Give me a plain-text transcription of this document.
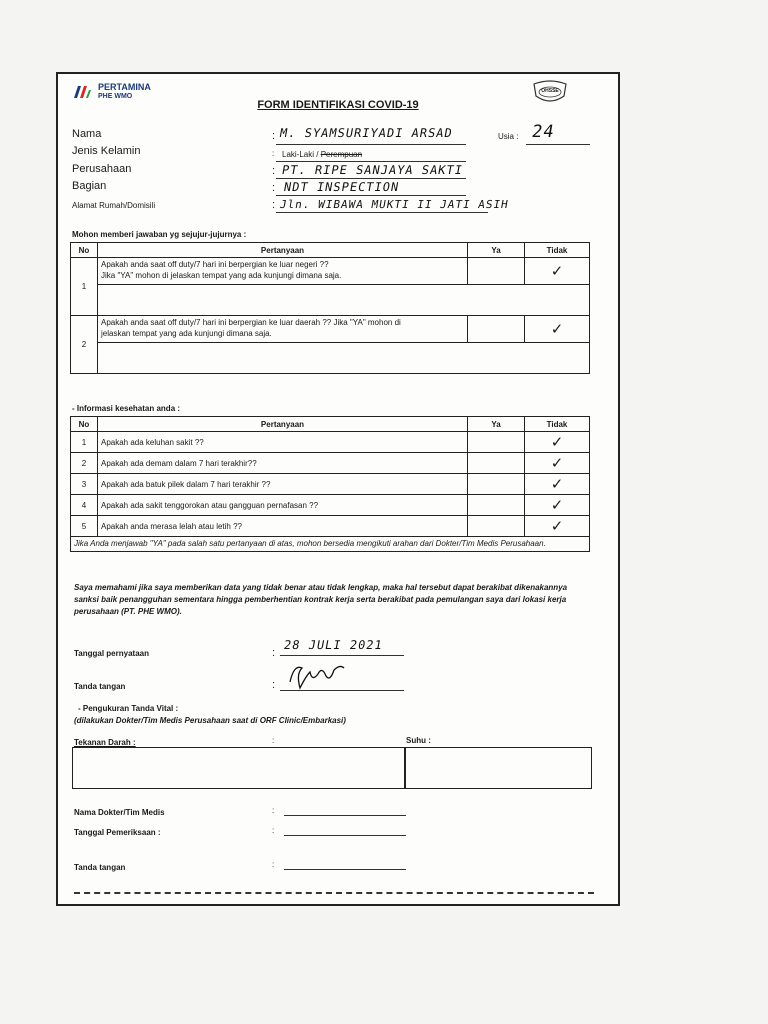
PERTAMINA
PHE WMO
OHSSE
FORM IDENTIFIKASI COVID-19
Nama	: M. SYAMSURIYADI ARSAD	Usia : 24
Jenis Kelamin	: Laki-Laki / Perempuan
Perusahaan	: PT. RIPE SANJAYA SAKTI
Bagian	: NDT INSPECTION
Alamat Rumah/Domisili	: Jln. WIBAWA MUKTI II JATI ASIH
Mohon memberi jawaban yg sejujur-jujurnya :
No	Pertanyaan	Ya	Tidak
1	Apakah anda saat off duty/7 hari ini berpergian ke luar negeri ??
Jika "YA" mohon di jelaskan tempat yang ada kunjungi dimana saja.		✓

2	Apakah anda saat off duty/7 hari ini berpergian ke luar daerah ?? Jika "YA" mohon di
jelaskan tempat yang ada kunjungi dimana saja.		✓

- Informasi kesehatan anda :
No	Pertanyaan	Ya	Tidak
1	Apakah ada keluhan sakit ??		✓
2	Apakah ada demam dalam 7 hari terakhir??		✓
3	Apakah ada batuk pilek dalam 7 hari terakhir ??		✓
4	Apakah ada sakit tenggorokan atau gangguan pernafasan ??		✓
5	Apakah anda merasa lelah atau letih ??		✓
Jika Anda menjawab "YA" pada salah satu pertanyaan di atas, mohon bersedia mengikuti arahan dari Dokter/Tim Medis Perusahaan.			
Saya memahami jika saya memberikan data yang tidak benar atau tidak lengkap, maka hal tersebut dapat berakibat dikenakannya sanksi baik penangguhan sementara hingga pemberhentian kontrak kerja serta berakibat pada pemulangan saya dari lokasi kerja perusahaan (PT. PHE WMO).
Tanggal pernyataan	:
28 JULI 2021
Tanda tangan	:
- Pengukuran Tanda Vital :
(dilakukan Dokter/Tim Medis Perusahaan saat di ORF Clinic/Embarkasi)
Tekanan Darah :	:	Suhu :
Nama Dokter/Tim Medis	:
Tanggal Pemeriksaan :	:
Tanda tangan	:
